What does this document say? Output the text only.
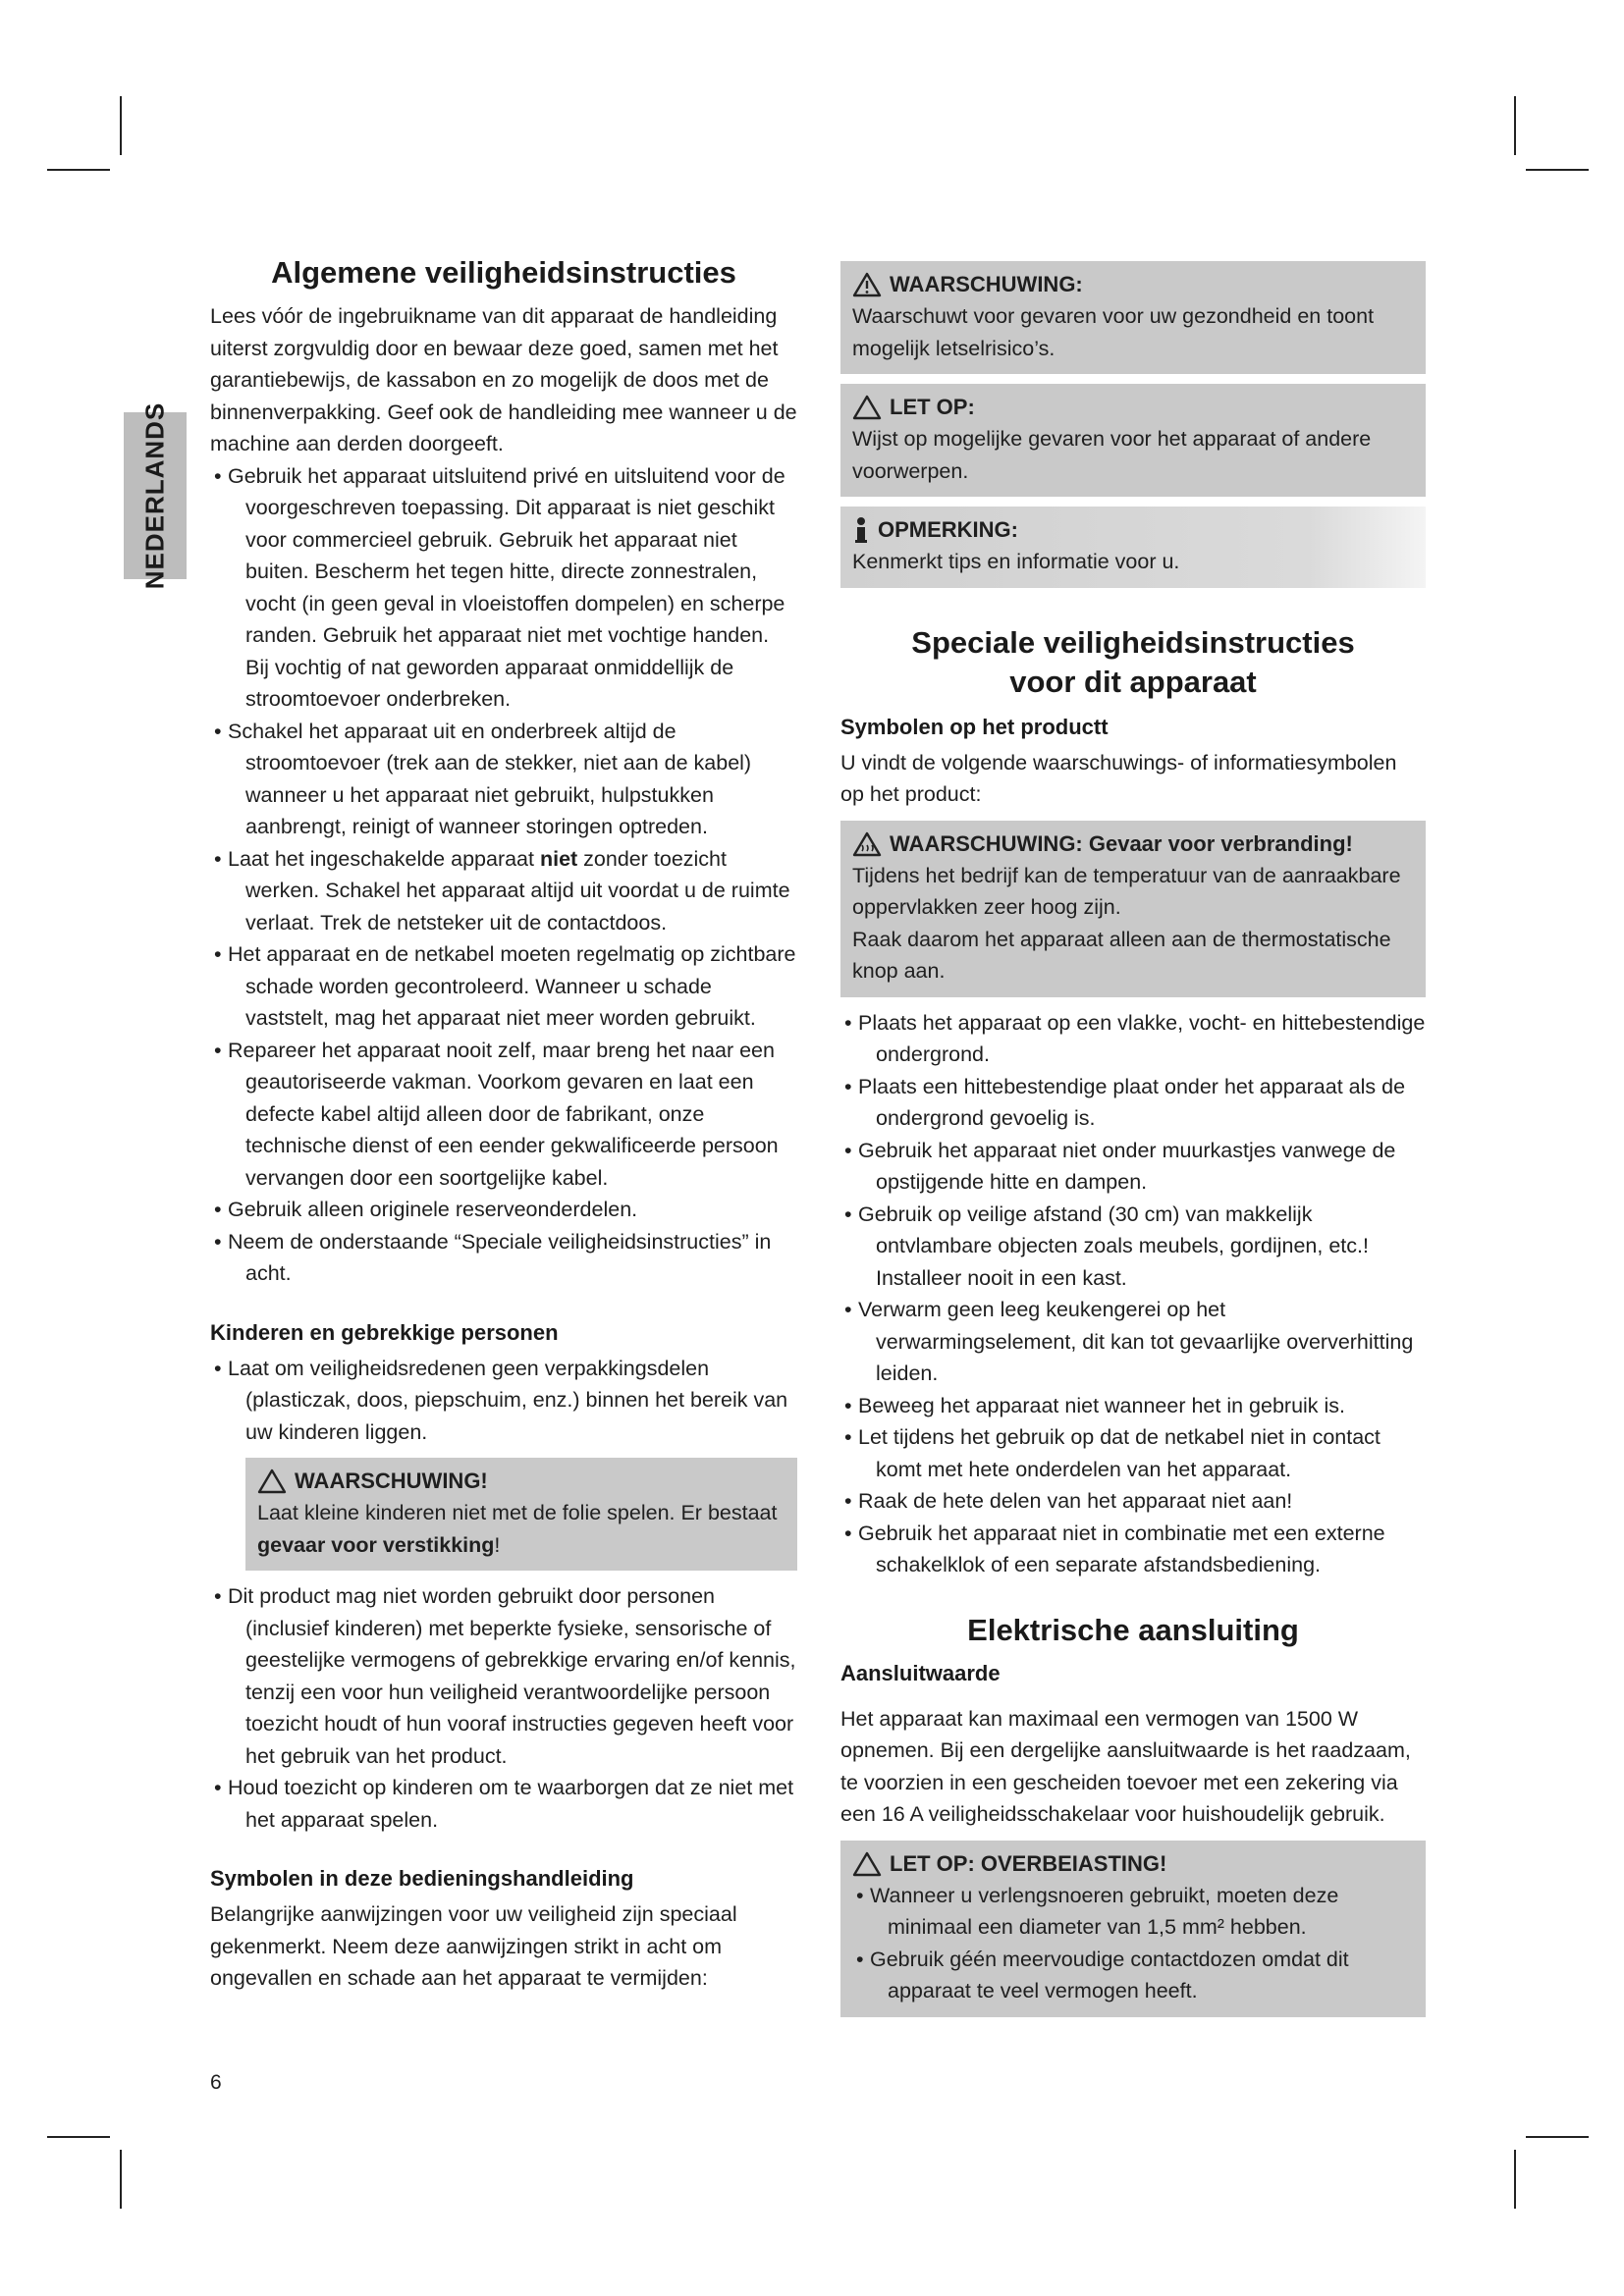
NEDERLANDS
Algemene veiligheidsinstructies

Lees vóór de ingebruikname van dit apparaat de handleiding uiterst zorgvuldig door en bewaar deze goed, samen met het garantiebewijs, de kassabon en zo mogelijk de doos met de binnenverpakking. Geef ook de handleiding mee wanneer u de machine aan derden doorgeeft.

• Gebruik het apparaat uitsluitend privé en uitsluitend voor de voorgeschreven toepassing. Dit apparaat is niet geschikt voor commercieel gebruik. Gebruik het apparaat niet buiten. Bescherm het tegen hitte, directe zonnestralen, vocht (in geen geval in vloeistoffen dompelen) en scherpe randen. Gebruik het apparaat niet met vochtige handen. Bij vochtig of nat geworden apparaat onmiddellijk de stroomtoevoer onderbreken.
• Schakel het apparaat uit en onderbreek altijd de stroomtoevoer (trek aan de stekker, niet aan de kabel) wanneer u het apparaat niet gebruikt, hulpstukken aanbrengt, reinigt of wanneer storingen optreden.
• Laat het ingeschakelde apparaat niet zonder toezicht werken. Schakel het apparaat altijd uit voordat u de ruimte verlaat. Trek de netsteker uit de contactdoos.
• Het apparaat en de netkabel moeten regelmatig op zichtbare schade worden gecontroleerd. Wanneer u schade vaststelt, mag het apparaat niet meer worden gebruikt.
• Repareer het apparaat nooit zelf, maar breng het naar een geautoriseerde vakman. Voorkom gevaren en laat een defecte kabel altijd alleen door de fabrikant, onze technische dienst of een eender gekwalificeerde persoon vervangen door een soortgelijke kabel.
• Gebruik alleen originele reserveonderdelen.
• Neem de onderstaande “Speciale veiligheidsinstructies” in acht.
Kinderen en gebrekkige personen
• Laat om veiligheidsredenen geen verpakkingsdelen (plasticzak, doos, piepschuim, enz.) binnen het bereik van uw kinderen liggen.
WAARSCHUWING!

Laat kleine kinderen niet met de folie spelen. Er bestaat gevaar voor verstikking!

• Dit product mag niet worden gebruikt door personen (inclusief kinderen) met beperkte fysieke, sensorische of geestelijke vermogens of gebrekkige ervaring en/of kennis, tenzij een voor hun veiligheid verantwoordelijke persoon toezicht houdt of hun vooraf instructies gegeven heeft voor het gebruik van het product.
• Houd toezicht op kinderen om te waarborgen dat ze niet met het apparaat spelen.
Symbolen in deze bedieningshandleiding

Belangrijke aanwijzingen voor uw veiligheid zijn speciaal gekenmerkt. Neem deze aanwijzingen strikt in acht om ongevallen en schade aan het apparaat te vermijden:

WAARSCHUWING:

Waarschuwt voor gevaren voor uw gezondheid en toont mogelijk letselrisico’s.

LET OP:

Wijst op mogelijke gevaren voor het apparaat of andere voorwerpen.

OPMERKING:

Kenmerkt tips en informatie voor u.

Speciale veiligheidsinstructies
voor dit apparaat
Symbolen op het productt

U vindt de volgende waarschuwings- of informatiesymbolen op het product:

WAARSCHUWING: Gevaar voor verbranding!

Tijdens het bedrijf kan de temperatuur van de aanraakbare oppervlakken zeer hoog zijn.

Raak daarom het apparaat alleen aan de thermostatische knop aan.

• Plaats het apparaat op een vlakke, vocht- en hittebestendige ondergrond.
• Plaats een hittebestendige plaat onder het apparaat als de ondergrond gevoelig is.
• Gebruik het apparaat niet onder muurkastjes vanwege de opstijgende hitte en dampen.
• Gebruik op veilige afstand (30 cm) van makkelijk ontvlambare objecten zoals meubels, gordijnen, etc.! Installeer nooit in een kast.
• Verwarm geen leeg keukengerei op het verwarmingselement, dit kan tot gevaarlijke oververhitting leiden.
• Beweeg het apparaat niet wanneer het in gebruik is.
• Let tijdens het gebruik op dat de netkabel niet in contact komt met hete onderdelen van het apparaat.
• Raak de hete delen van het apparaat niet aan!
• Gebruik het apparaat niet in combinatie met een externe schakelklok of een separate afstandsbediening.
Elektrische aansluiting
Aansluitwaarde

Het apparaat kan maximaal een vermogen van 1500 W opnemen. Bij een dergelijke aansluitwaarde is het raadzaam, te voorzien in een gescheiden toevoer met een zekering via een 16 A veiligheidsschakelaar voor huishoudelijk gebruik.

LET OP: OVERBEIASTING!
• Wanneer u verlengsnoeren gebruikt, moeten deze minimaal een diameter van 1,5 mm² hebben.
• Gebruik géén meervoudige contactdozen omdat dit apparaat te veel vermogen heeft.
6
